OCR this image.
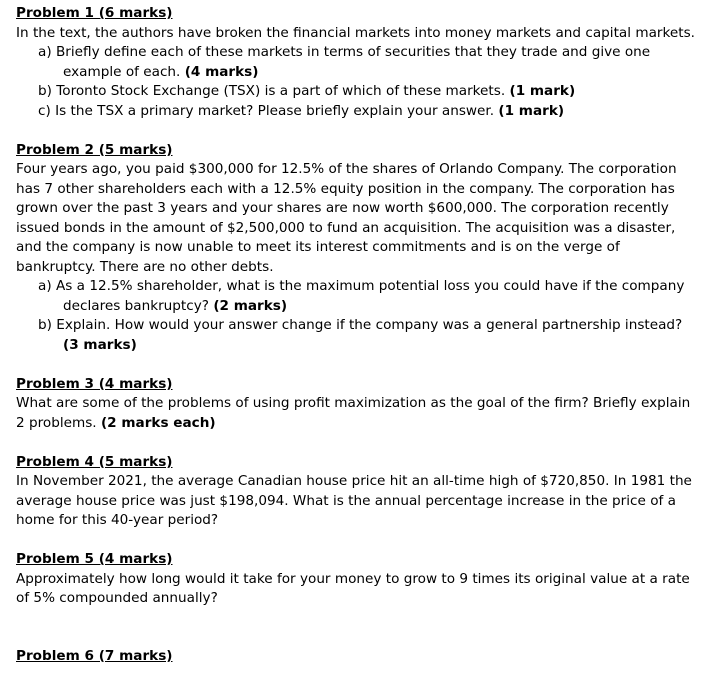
Problem 1 (6 marks)

In the text, the authors have broken the financial markets into money markets and capital markets.

a) Briefly define each of these markets in terms of securities that they trade and give one example of each. (4 marks)
b) Toronto Stock Exchange (TSX) is a part of which of these markets. (1 mark)
c) Is the TSX a primary market? Please briefly explain your answer. (1 mark)
Problem 2 (5 marks)

Four years ago, you paid $300,000 for 12.5% of the shares of Orlando Company. The corporation has 7 other shareholders each with a 12.5% equity position in the company. The corporation has grown over the past 3 years and your shares are now worth $600,000. The corporation recently issued bonds in the amount of $2,500,000 to fund an acquisition. The acquisition was a disaster, and the company is now unable to meet its interest commitments and is on the verge of bankruptcy. There are no other debts.

a) As a 12.5% shareholder, what is the maximum potential loss you could have if the company declares bankruptcy? (2 marks)
b) Explain. How would your answer change if the company was a general partnership instead? (3 marks)
Problem 3 (4 marks)

What are some of the problems of using profit maximization as the goal of the firm? Briefly explain 2 problems. (2 marks each)

Problem 4 (5 marks)

In November 2021, the average Canadian house price hit an all-time high of $720,850. In 1981 the average house price was just $198,094. What is the annual percentage increase in the price of a home for this 40-year period?

Problem 5 (4 marks)

Approximately how long would it take for your money to grow to 9 times its original value at a rate of 5% compounded annually?

Problem 6 (7 marks)
